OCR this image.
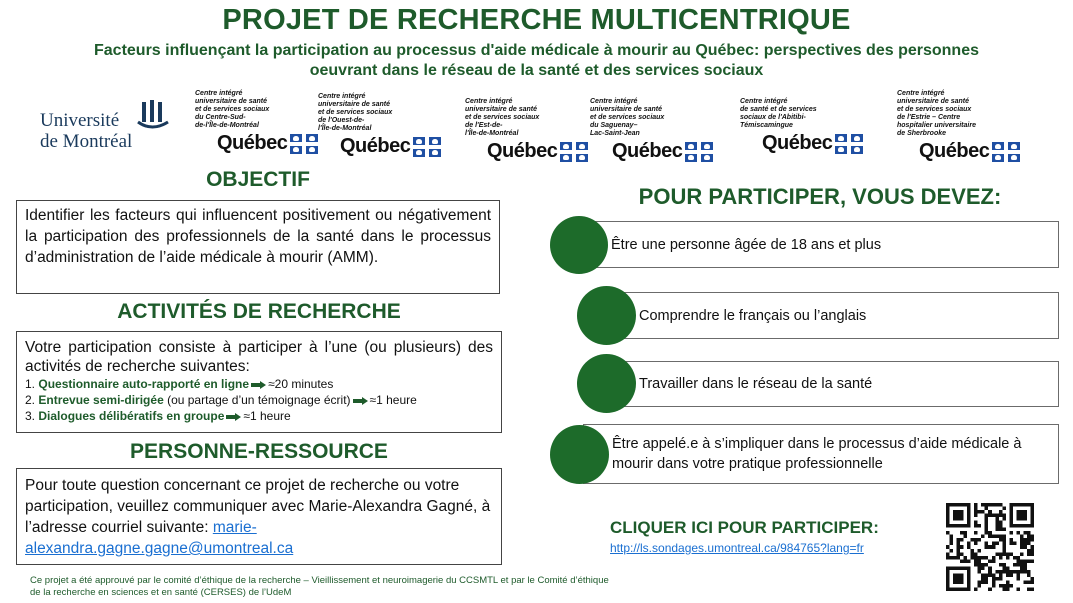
PROJET DE RECHERCHE MULTICENTRIQUE
Facteurs influençant la participation au processus d'aide médicale à mourir au Québec: perspectives des personnes
oeuvrant dans le réseau de la santé et des services sociaux
Université
de Montréal
Centre intégré
universitaire de santé
et de services sociaux
du Centre-Sud-
de-l'Île-de-Montréal
Québec
Centre intégré
universitaire de santé
et de services sociaux
de l'Ouest-de-
l'Île-de-Montréal
Québec
Centre intégré
universitaire de santé
et de services sociaux
de l'Est-de-
l'Île-de-Montréal
Québec
Centre intégré
universitaire de santé
et de services sociaux
du Saguenay–
Lac-Saint-Jean
Québec
Centre intégré
de santé et de services
sociaux de l'Abitibi-
Témiscamingue
Québec
Centre intégré
universitaire de santé
et de services sociaux
de l'Estrie – Centre
hospitalier universitaire
de Sherbrooke
Québec
OBJECTIF
Identifier les facteurs qui influencent positivement ou négativement la participation des professionnels de la santé dans le processus d’administration de l’aide médicale à mourir (AMM).
ACTIVITÉS DE RECHERCHE
Votre participation consiste à participer à l’une (ou plusieurs) des activités de recherche suivantes:
1. Questionnaire auto-rapporté en ligne ≈20 minutes
2. Entrevue semi-dirigée (ou partage d’un témoignage écrit) ≈1 heure
3. Dialogues délibératifs en groupe ≈1 heure
PERSONNE-RESSOURCE
Pour toute question concernant ce projet de recherche ou votre participation, veuillez communiquer avec Marie-Alexandra Gagné, à l’adresse courriel suivante: marie-alexandra.gagne.gagne@umontreal.ca
Ce projet a été approuvé par le comité d’éthique de la recherche – Vieillissement et neuroimagerie du CCSMTL et par le Comité d’éthique de la recherche en sciences et en santé (CERSES) de l’UdeM
POUR PARTICIPER, VOUS DEVEZ:
Être une personne âgée de 18 ans et plus
Comprendre le français ou l’anglais
Travailler dans le réseau de la santé
Être appelé.e à s’impliquer dans le processus d’aide médicale à mourir dans votre pratique professionnelle
CLIQUER ICI POUR PARTICIPER:
http://ls.sondages.umontreal.ca/984765?lang=fr
